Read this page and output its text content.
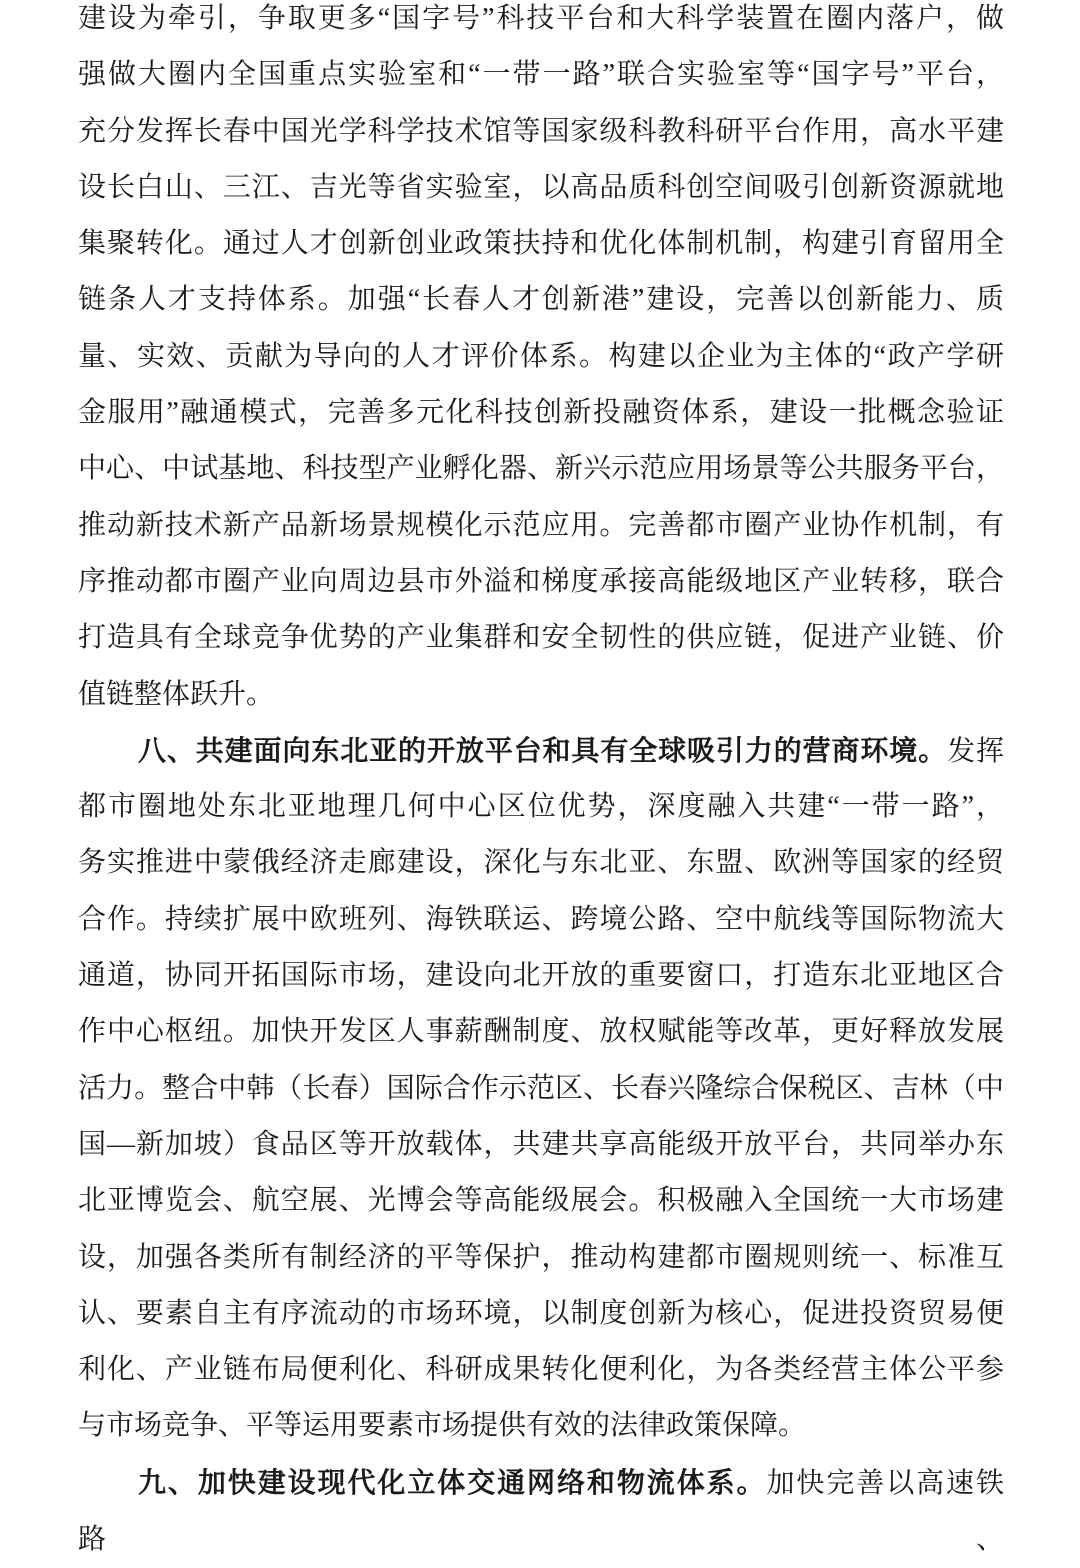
建设为牵引，争取更多“国字号”科技平台和大科学装置在圈内落户，做
强做大圈内全国重点实验室和“一带一路”联合实验室等“国字号”平台，
充分发挥长春中国光学科学技术馆等国家级科教科研平台作用，高水平建
设长白山、三江、吉光等省实验室，以高品质科创空间吸引创新资源就地
集聚转化。通过人才创新创业政策扶持和优化体制机制，构建引育留用全
链条人才支持体系。加强“长春人才创新港”建设，完善以创新能力、质
量、实效、贡献为导向的人才评价体系。构建以企业为主体的“政产学研
金服用”融通模式，完善多元化科技创新投融资体系，建设一批概念验证
中心、中试基地、科技型产业孵化器、新兴示范应用场景等公共服务平台，
推动新技术新产品新场景规模化示范应用。完善都市圈产业协作机制，有
序推动都市圈产业向周边县市外溢和梯度承接高能级地区产业转移，联合
打造具有全球竞争优势的产业集群和安全韧性的供应链，促进产业链、价
值链整体跃升。
八、共建面向东北亚的开放平台和具有全球吸引力的营商环境。发挥
都市圈地处东北亚地理几何中心区位优势，深度融入共建“一带一路”，
务实推进中蒙俄经济走廊建设，深化与东北亚、东盟、欧洲等国家的经贸
合作。持续扩展中欧班列、海铁联运、跨境公路、空中航线等国际物流大
通道，协同开拓国际市场，建设向北开放的重要窗口，打造东北亚地区合
作中心枢纽。加快开发区人事薪酬制度、放权赋能等改革，更好释放发展
活力。整合中韩（长春）国际合作示范区、长春兴隆综合保税区、吉林（中
国—新加坡）食品区等开放载体，共建共享高能级开放平台，共同举办东
北亚博览会、航空展、光博会等高能级展会。积极融入全国统一大市场建
设，加强各类所有制经济的平等保护，推动构建都市圈规则统一、标准互
认、要素自主有序流动的市场环境，以制度创新为核心，促进投资贸易便
利化、产业链布局便利化、科研成果转化便利化，为各类经营主体公平参
与市场竞争、平等运用要素市场提供有效的法律政策保障。
九、加快建设现代化立体交通网络和物流体系。加快完善以高速铁路、
